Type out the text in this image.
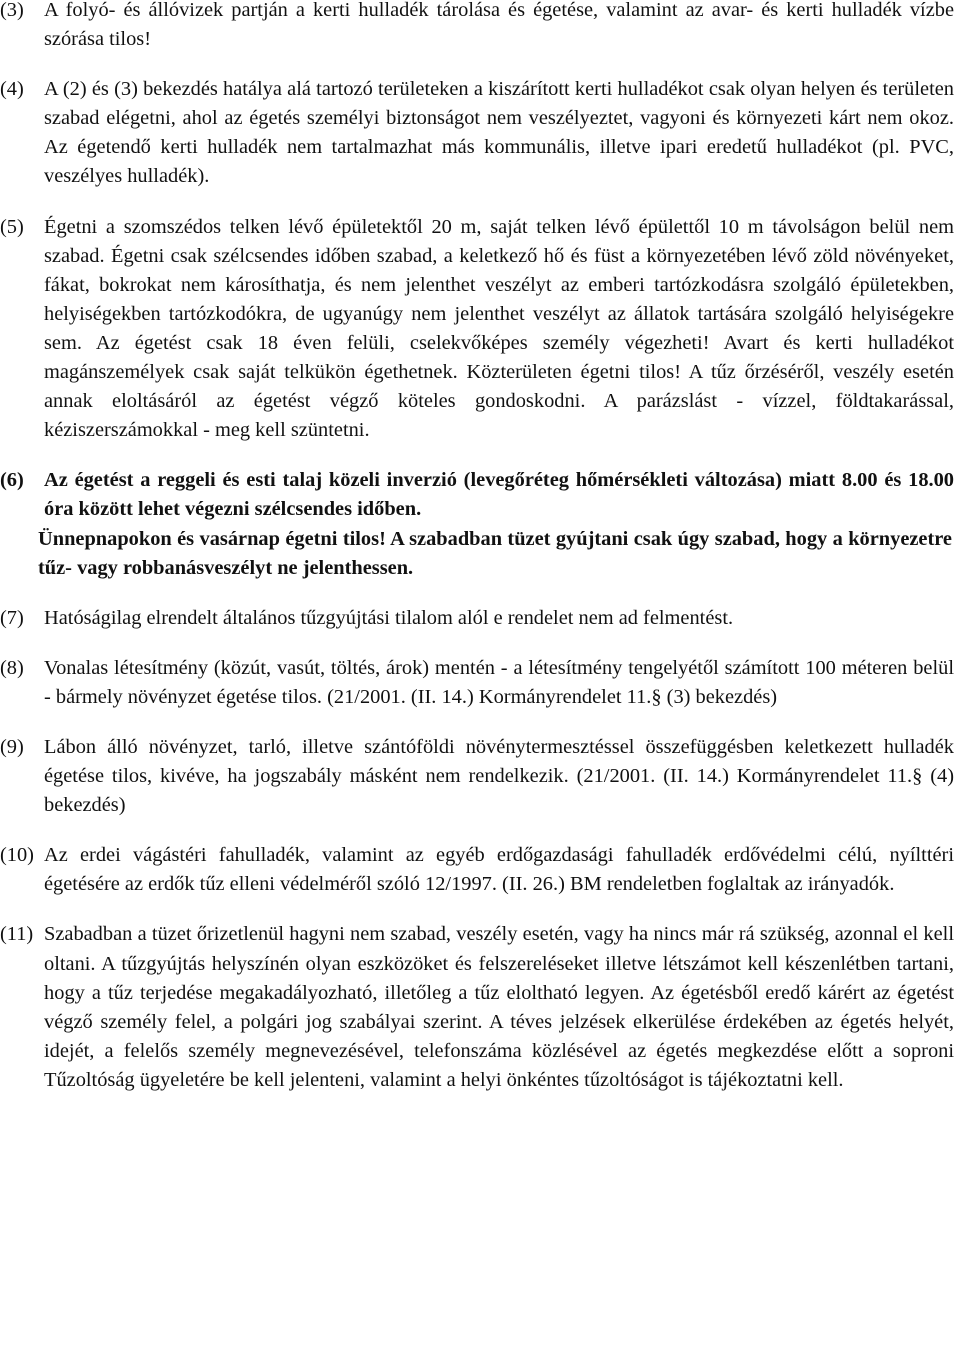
(3) A folyó- és állóvizek partján a kerti hulladék tárolása és égetése, valamint az avar- és kerti hulladék vízbe szórása tilos!
(4) A (2) és (3) bekezdés hatálya alá tartozó területeken a kiszárított kerti hulladékot csak olyan helyen és területen szabad elégetni, ahol az égetés személyi biztonságot nem veszélyeztet, vagyoni és környezeti kárt nem okoz. Az égetendő kerti hulladék nem tartalmazhat más kommunális, illetve ipari eredetű hulladékot (pl. PVC, veszélyes hulladék).
(5) Égetni a szomszédos telken lévő épületektől 20 m, saját telken lévő épülettől 10 m távolságon belül nem szabad. Égetni csak szélcsendes időben szabad, a keletkező hő és füst a környezetében lévő zöld növényeket, fákat, bokrokat nem károsíthatja, és nem jelenthet veszélyt az emberi tartózkodásra szolgáló épületekben, helyiségekben tartózkodókra, de ugyanúgy nem jelenthet veszélyt az állatok tartására szolgáló helyiségekre sem. Az égetést csak 18 éven felüli, cselekvőképes személy végezheti! Avart és kerti hulladékot magánszemélyek csak saját telkükön égethetnek. Közterületen égetni tilos! A tűz őrzéséről, veszély esetén annak eloltásáról az égetést végző köteles gondoskodni. A parázslást - vízzel, földtakarással, kéziszerszámokkal - meg kell szüntetni.
(6) Az égetést a reggeli és esti talaj közeli inverzió (levegőréteg hőmérsékleti változása) miatt 8.00 és 18.00 óra között lehet végezni szélcsendes időben.
Ünnepnapokon és vasárnap égetni tilos! A szabadban tüzet gyújtani csak úgy szabad, hogy a környezetre tűz- vagy robbanásveszélyt ne jelenthessen.
(7) Hatóságilag elrendelt általános tűzgyújtási tilalom alól e rendelet nem ad felmentést.
(8) Vonalas létesítmény (közút, vasút, töltés, árok) mentén - a létesítmény tengelyétől számított 100 méteren belül - bármely növényzet égetése tilos. (21/2001. (II. 14.) Kormányrendelet 11.§ (3) bekezdés)
(9) Lábon álló növényzet, tarló, illetve szántóföldi növénytermesztéssel összefüggésben keletkezett hulladék égetése tilos, kivéve, ha jogszabály másként nem rendelkezik. (21/2001. (II. 14.) Kormányrendelet 11.§ (4) bekezdés)
(10) Az erdei vágástéri fahulladék, valamint az egyéb erdőgazdasági fahulladék erdővédelmi célú, nyílttéri égetésére az erdők tűz elleni védelméről szóló 12/1997. (II. 26.) BM rendeletben foglaltak az irányadók.
(11) Szabadban a tüzet őrizetlenül hagyni nem szabad, veszély esetén, vagy ha nincs már rá szükség, azonnal el kell oltani. A tűzgyújtás helyszínén olyan eszközöket és felszereléseket illetve létszámot kell készenlétben tartani, hogy a tűz terjedése megakadályozható, illetőleg a tűz eloltható legyen. Az égetésből eredő kárért az égetést végző személy felel, a polgári jog szabályai szerint. A téves jelzések elkerülése érdekében az égetés helyét, idejét, a felelős személy megnevezésével, telefonszáma közlésével az égetés megkezdése előtt a soproni Tűzoltóság ügyeletére be kell jelenteni, valamint a helyi önkéntes tűzoltóságot is tájékoztatni kell.
